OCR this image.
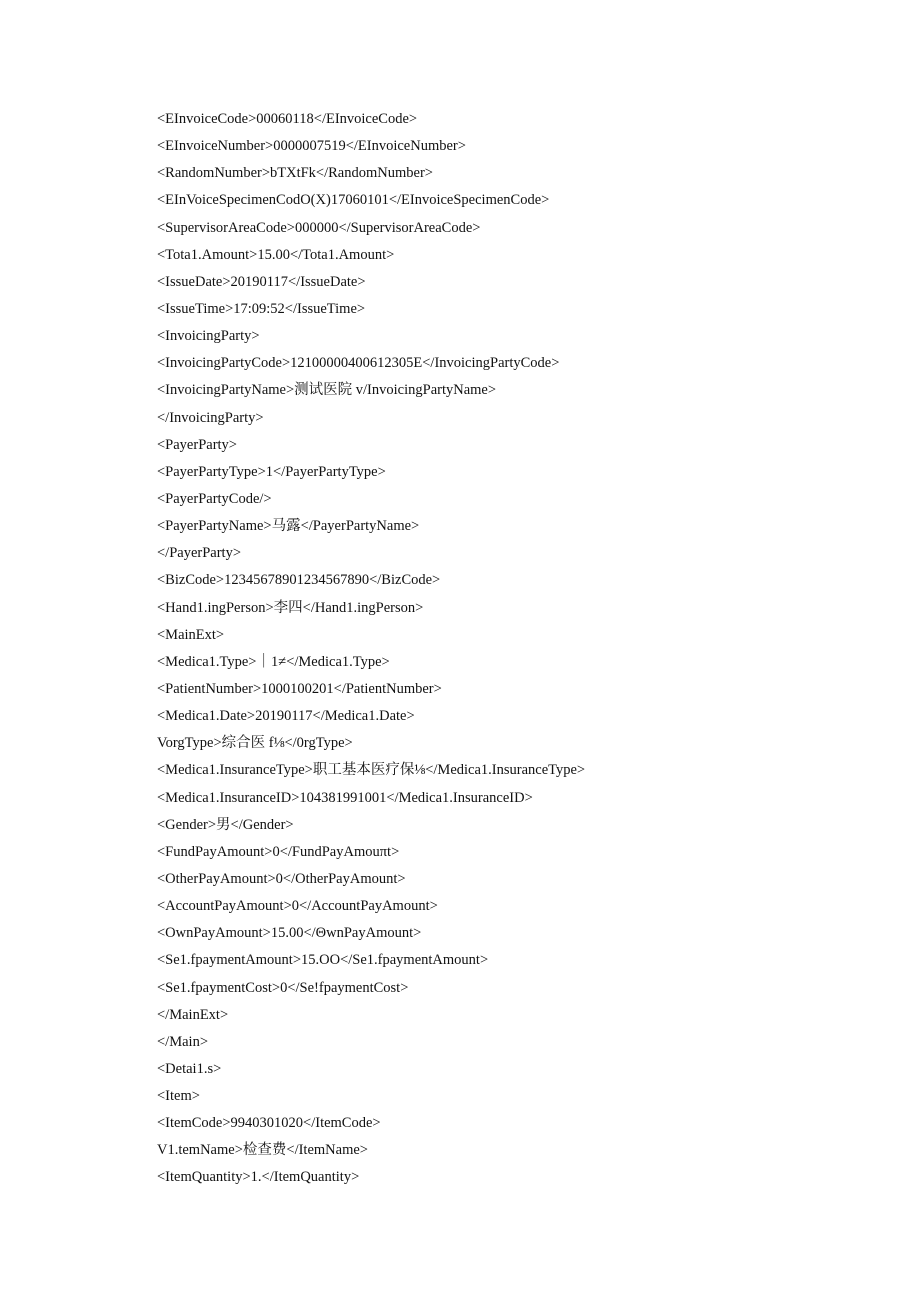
<EInvoiceCode>00060118</EInvoiceCode>
<EInvoiceNumber>0000007519</EInvoiceNumber>
<RandomNumber>bTXtFk</RandomNumber>
<EInVoiceSpecimenCodO(X)17060101</EInvoiceSpecimenCode>
<SupervisorAreaCode>000000</SupervisorAreaCode>
<Tota1.Amount>15.00</Tota1.Amount>
<IssueDate>20190117</IssueDate>
<IssueTime>17:09:52</IssueTime>
<InvoicingParty>
<InvoicingPartyCode>12100000400612305E</InvoicingPartyCode>
<InvoicingPartyName>测试医院 v/InvoicingPartyName>
</InvoicingParty>
<PayerParty>
<PayerPartyType>1</PayerPartyType>
<PayerPartyCode/>
<PayerPartyName>马露</PayerPartyName>
</PayerParty>
<BizCode>12345678901234567890</BizCode>
<Hand1.ingPerson>李四</Hand1.ingPerson>
<MainExt>
<Medica1.Type>｜1≠</Medica1.Type>
<PatientNumber>1000100201</PatientNumber>
<Medica1.Date>20190117</Medica1.Date>
VorgType>综合医 f⅛</0rgType>
<Medica1.InsuranceType>职工基本医疗保⅛</Medica1.InsuranceType>
<Medica1.InsuranceID>104381991001</Medica1.InsuranceID>
<Gender>男</Gender>
<FundPayAmount>0</FundPayAmouπt>
<OtherPayAmount>0</OtherPayAmount>
<AccountPayAmount>0</AccountPayAmount>
<OwnPayAmount>15.00</ΘwnPayAmount>
<Se1.fpaymentAmount>15.OO</Se1.fpaymentAmount>
<Se1.fpaymentCost>0</Se!fpaymentCost>
</MainExt>
</Main>
<Detai1.s>
<Item>
<ItemCode>9940301020</ItemCode>
V1.temName>检查费</ItemName>
<ItemQuantity>1.</ItemQuantity>
